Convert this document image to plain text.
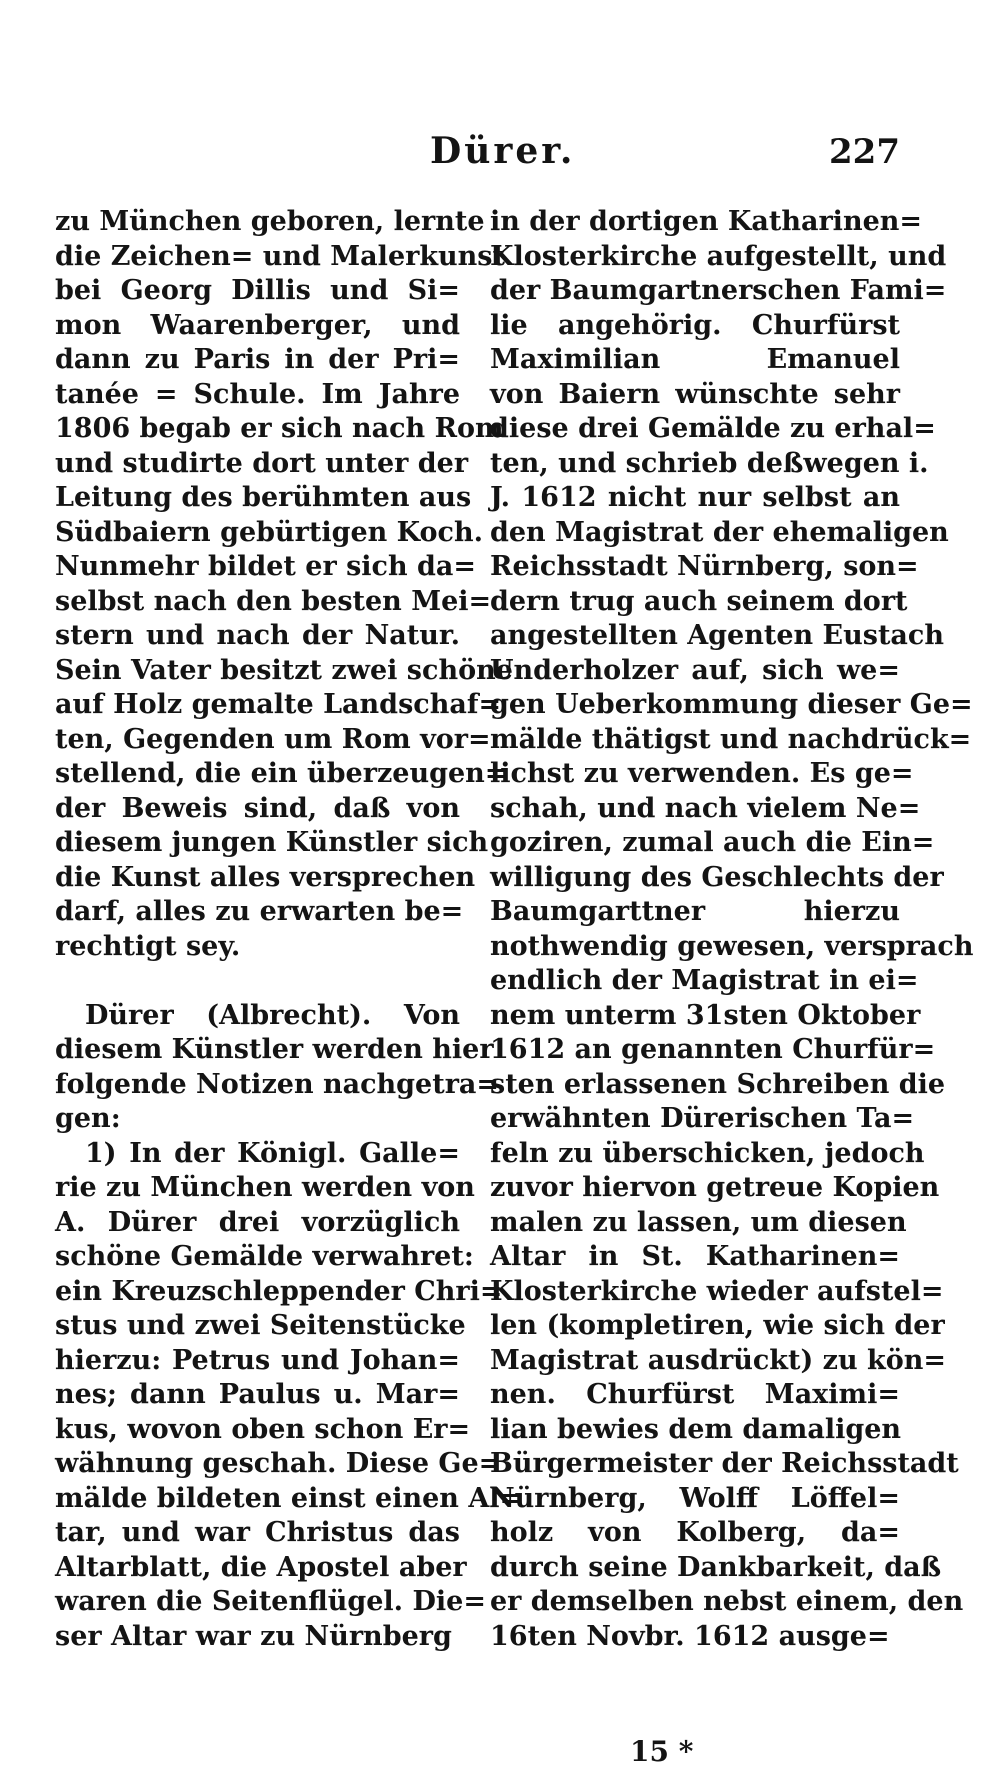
Dürer.	227
zu München geboren, lernte
die Zeichen= und Malerkunst
bei Georg Dillis und Si=
mon Waarenberger, und
dann zu Paris in der Pri=
tanée = Schule. Im Jahre
1806 begab er sich nach Rom
und studirte dort unter der
Leitung des berühmten aus
Südbaiern gebürtigen Koch.
Nunmehr bildet er sich da=
selbst nach den besten Mei=
stern und nach der Natur.
Sein Vater besitzt zwei schöne
auf Holz gemalte Landschaf=
ten, Gegenden um Rom vor=
stellend, die ein überzeugen=
der Beweis sind, daß von
diesem jungen Künstler sich
die Kunst alles versprechen
darf, alles zu erwarten be=
rechtigt sey.
Dürer (Albrecht). Von
diesem Künstler werden hier
folgende Notizen nachgetra=
gen:
1) In der Königl. Galle=
rie zu München werden von
A. Dürer drei vorzüglich
schöne Gemälde verwahret:
ein Kreuzschleppender Chri=
stus und zwei Seitenstücke
hierzu: Petrus und Johan=
nes; dann Paulus u. Mar=
kus, wovon oben schon Er=
wähnung geschah. Diese Ge=
mälde bildeten einst einen Al=
tar, und war Christus das
Altarblatt, die Apostel aber
waren die Seitenflügel. Die=
ser Altar war zu Nürnberg
in der dortigen Katharinen=
Klosterkirche aufgestellt, und
der Baumgartnerschen Fami=
lie angehörig. Churfürst
Maximilian Emanuel
von Baiern wünschte sehr
diese drei Gemälde zu erhal=
ten, und schrieb deßwegen i.
J. 1612 nicht nur selbst an
den Magistrat der ehemaligen
Reichsstadt Nürnberg, son=
dern trug auch seinem dort
angestellten Agenten Eustach
Underholzer auf, sich we=
gen Ueberkommung dieser Ge=
mälde thätigst und nachdrück=
lichst zu verwenden. Es ge=
schah, und nach vielem Ne=
goziren, zumal auch die Ein=
willigung des Geschlechts der
Baumgarttner hierzu
nothwendig gewesen, versprach
endlich der Magistrat in ei=
nem unterm 31sten Oktober
1612 an genannten Churfür=
sten erlassenen Schreiben die
erwähnten Dürerischen Ta=
feln zu überschicken, jedoch
zuvor hiervon getreue Kopien
malen zu lassen, um diesen
Altar in St. Katharinen=
Klosterkirche wieder aufstel=
len (kompletiren, wie sich der
Magistrat ausdrückt) zu kön=
nen. Churfürst Maximi=
lian bewies dem damaligen
Bürgermeister der Reichsstadt
Nürnberg, Wolff Löffel=
holz von Kolberg, da=
durch seine Dankbarkeit, daß
er demselben nebst einem, den
16ten Novbr. 1612 ausge=
15 *
